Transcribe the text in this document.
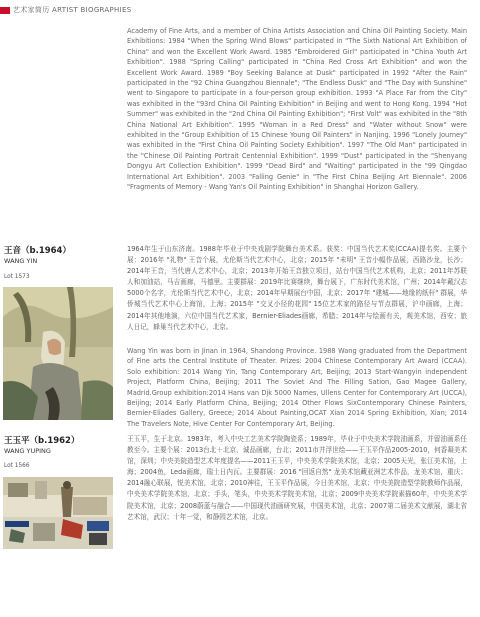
艺术家简历 ARTIST BIOGRAPHIES

Academy of Fine Arts, and a member of China Artists Association and China Oil Painting Society. Main Exhibitions: 1984 "When the Spring Wind Blows" participated in "The Sixth National Art Exhibition of China" and won the Excellent Work Award. 1985 "Embroidered Girl" participated in "China Youth Art Exhibition". 1988 "Spring Calling" participated in "China Red Cross Art Exhibition" and won the Excellent Work Award. 1989 "Boy Seeking Balance at Dusk" participated in 1992 "After the Rain" participated in the "92 China Guangzhou Biennale"; "The Endless Dusk" and "The Day with Sunshine" went to Singapore to participate in a four-person group exhibition. 1993 "A Place Far from the City" was exhibited in the "93rd China Oil Painting Exhibition" in Beijing and went to Hong Kong. 1994 "Hot Summer" was exhibited in the "2nd China Oil Painting Exhibition"; "First Volt" was exhibited in the "8th China National Art Exhibition". 1995 "Woman in a Red Dress" and "Water without Snow" were exhibited in the "Group Exhibition of 15 Chinese Young Oil Painters" in Nanjing. 1996 "Lonely Journey" was exhibited in the "First China Oil Painting Society Exhibition". 1997 "The Old Man" participated in the "Chinese Oil Painting Portrait Centennial Exhibition". 1999 "Dust" participated in the "Shenyang Dongyu Art Collection Exhibition". 1999 "Dead Bird" and "Waiting" participated in the "99 Qingdao International Art Exhibition". 2003 "Falling Genie" in "The First China Beijing Art Biennale". 2006 "Fragments of Memory - Wang Yan's Oil Painting Exhibition" in Shanghai Horizon Gallery.

王音（b.1964）
WANG YIN
Lot 1573

1964年生于山东济南。1988年毕业于中央戏剧学院舞台美术系。获奖：中国当代艺术奖(CCAA)提名奖。主要个展：2016年 "礼物" 王音个展，尤伦斯当代艺术中心，北京；2015年 "未明" 王音小幅作品展，西路沙龙，长沙；2014年王音，当代唐人艺术中心，北京；2013年开始王音独立项目，站台中国当代艺术机构，北京；2011年苏联人和加油站，马吉画廊，马德里。主要群展：2019年比赛继续，舞台展下，广东时代美术馆，广州；2014年戴汉志5000个名字，尤伦斯当代艺术中心，北京；2014年早期展台中国，北京；2017年 "建城——地缘的纸杆" 群展，华侨城当代艺术中心上海馆，上海；2015年 "交叉小径的花园" 15位艺术家的路径与节点群展，沪申画廊，上海；2014年其他地演，六位中国当代艺术家，Bernier-Eliades画廊，希腊；2014年与绘画有关，观美术馆，西安；旅人日记，蜂巢当代艺术中心，北京。

Wang Yin was born in Jinan in 1964, Shandong Province. 1988 Wang graduated from the Department of Fine arts the Central Institute of Theater. Prizes: 2004 Chinese Contemporary Art Award (CCAA). Solo exhibition: 2014 Wang Yin, Tang Contemporary Art, Beijing; 2013 Start-Wangyin independent Project, Platform China, Beijing; 2011 The Soviet And The Filling Sation, Gao Magee Gallery, Madrid.Group exhibition:2014 Hans van Djk 5000 Names, Ullens Center for Contemporary Art (UCCA), Beijing; 2014 Early Platform China, Beijing; 2014 Other Flows SixContemporary Chinese Painters, Bernier-Eliades Gallery, Greece; 2014 About Painting,OCAT Xian 2014 Spring Exhibition, Xian; 2014 The Travelers Note, Hive Center For Contemporary Art, Beijing.

王玉平（b.1962）
WANG YUPING
Lot 1566

王玉平，生于北京。1983年，考入中央工艺美术学院陶瓷系；1989年，毕业于中央美术学院油画系，并留油画系任教至今。主要个展：2013台北＋北京，诚品画廊，台北；2011市井浮世绘——王玉平作品2005-2010，何香凝美术馆，深圳；中央美院造型艺术年度提名——2011王玉平，中央美术学院美术馆，北京；2005天光，张江美术馆，上海；2004鱼，Leda画廊，瑞士日内瓦。主要群展：2016 "回返自然" 龙美术馆藏亚洲艺术作品，龙美术馆，重庆；2014融心联展，悦美术馆，北京；2010神往，王玉平作品展，今日美术馆，北京；中央美院造型学院教师作品展，中央美术学院美术馆，北京；手头，笔头，中央美术学院美术馆，北京；2009中央美术学院素描60年，中央美术学院美术馆，北京；2008蔚蓝与融合——中国现代油画研究展，中国美术馆，北京；2007第二届美术文献展，湖北省艺术馆，武汉；十年一觉，和静园艺术馆，北京。
